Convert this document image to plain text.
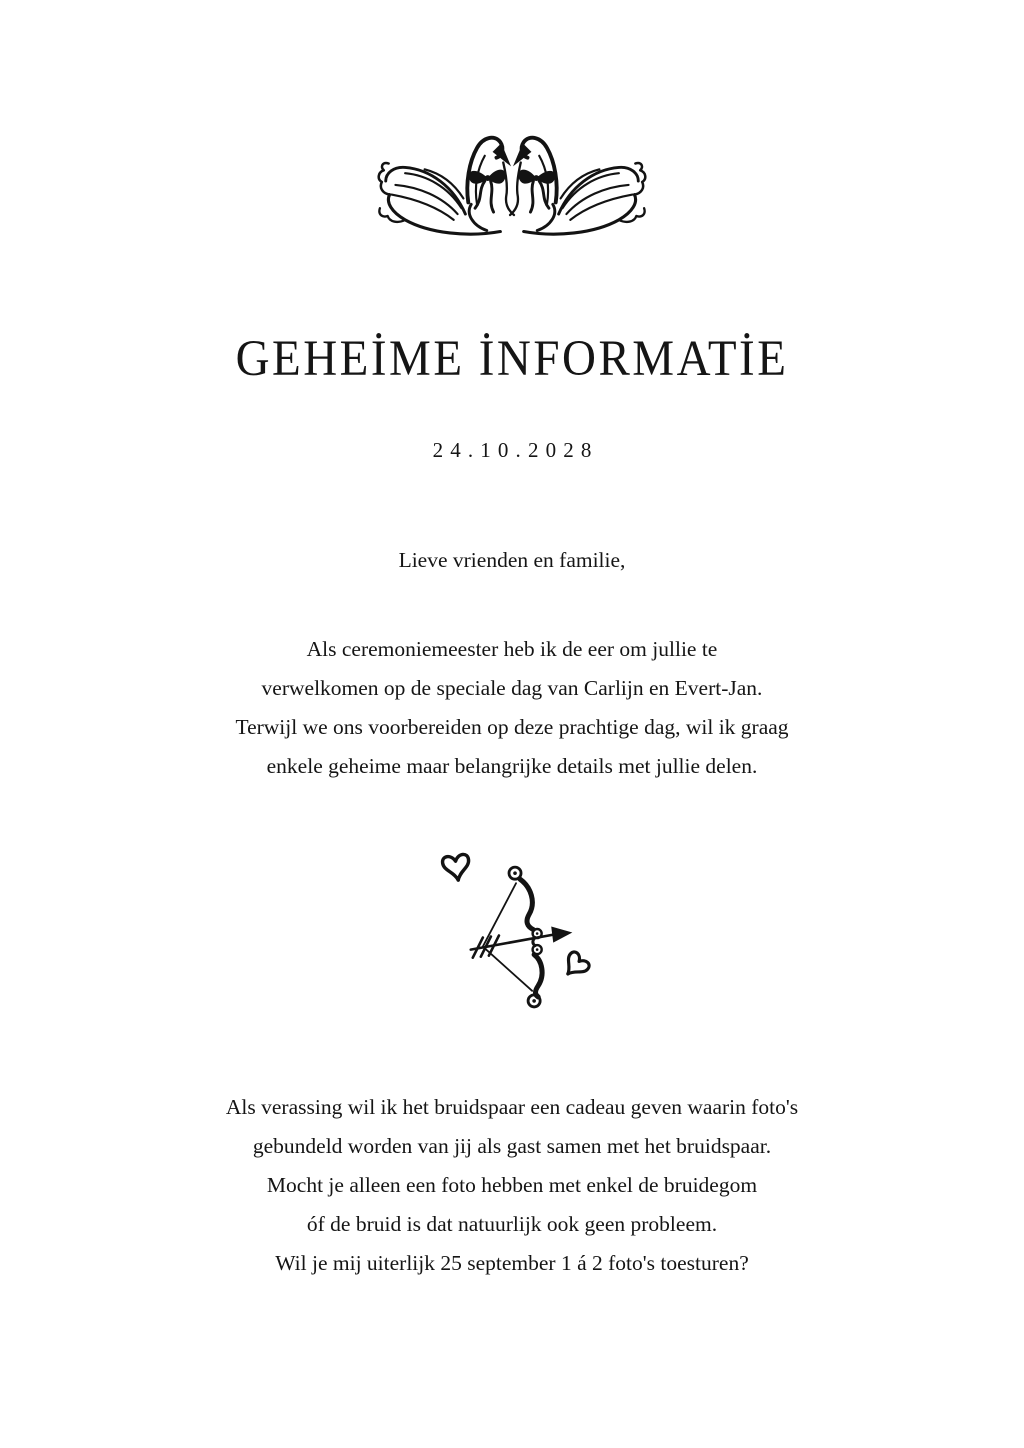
GEHEİME İNFORMATİE
24.10.2028
Lieve vrienden en familie,
Als ceremoniemeester heb ik de eer om jullie te
verwelkomen op de speciale dag van Carlijn en Evert-Jan.
Terwijl we ons voorbereiden op deze prachtige dag, wil ik graag
enkele geheime maar belangrijke details met jullie delen.
Als verassing wil ik het bruidspaar een cadeau geven waarin foto's
gebundeld worden van jij als gast samen met het bruidspaar.
Mocht je alleen een foto hebben met enkel de bruidegom
óf de bruid is dat natuurlijk ook geen probleem.
Wil je mij uiterlijk 25 september 1 á 2 foto's toesturen?
